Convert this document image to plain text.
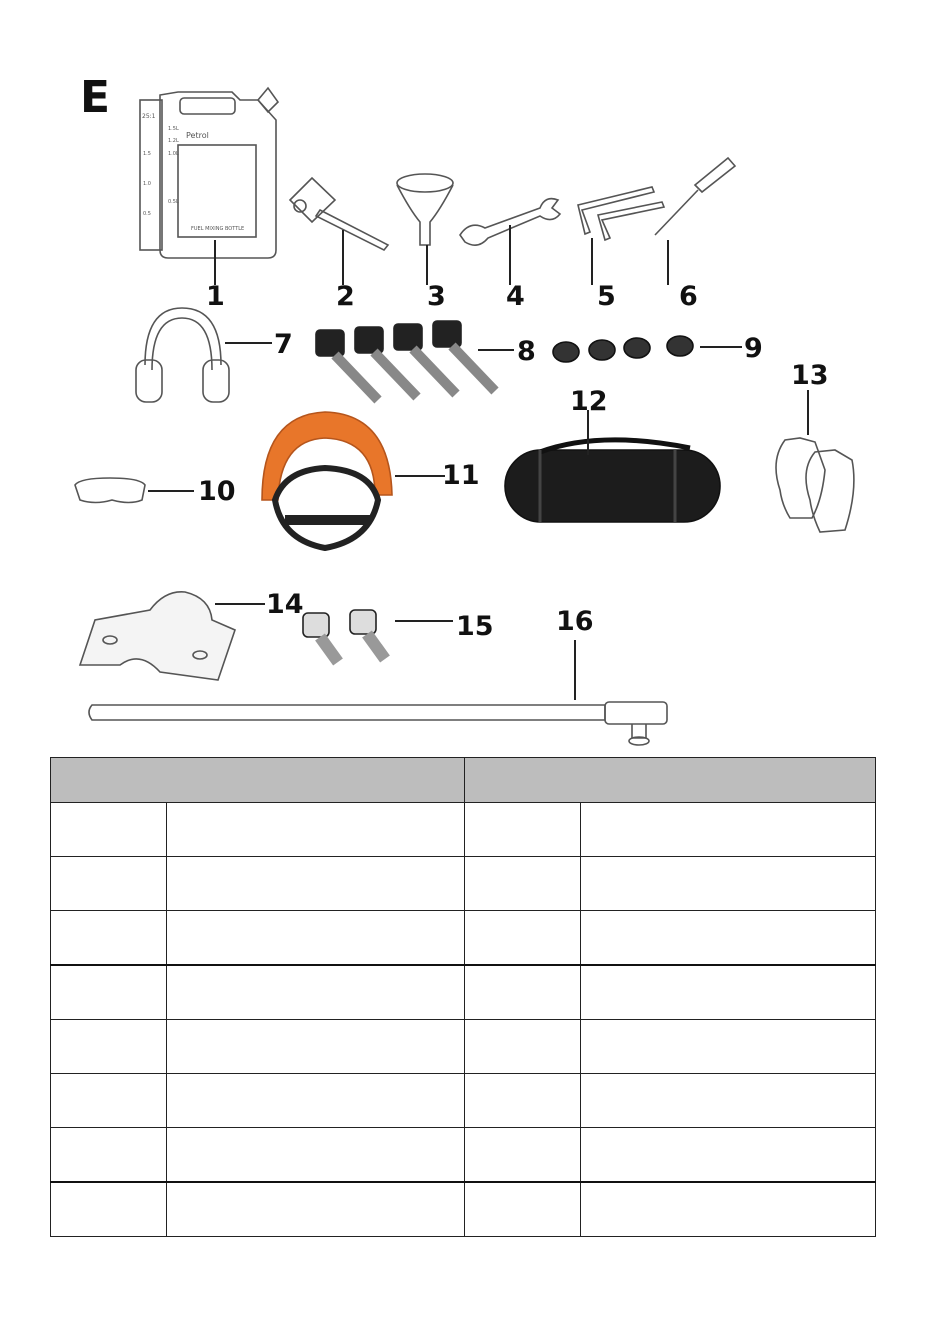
E
Petrol
25:1
FUEL MIXING BOTTLE
1.5L
1.2L
1.0L
0.5L
1.5
1.0
0.5
1	2	3 4	5 6
7	8	9
10
11
12
13
14
15 16
